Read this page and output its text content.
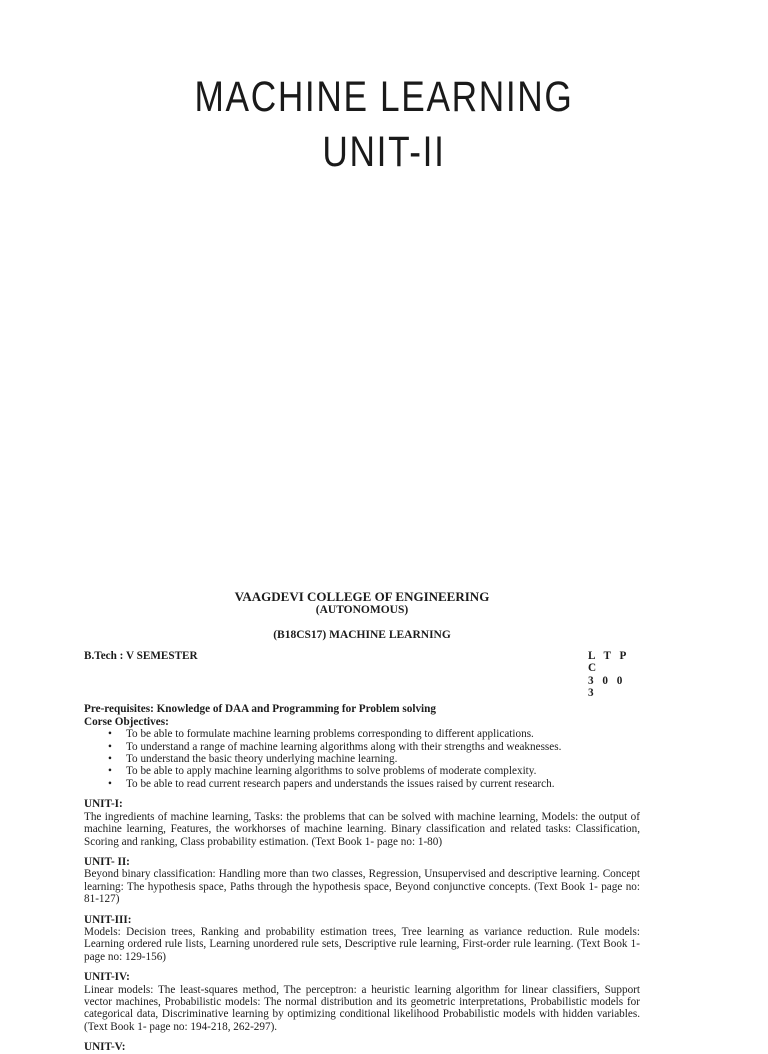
MACHINE LEARNING
UNIT-II
VAAGDEVI COLLEGE OF ENGINEERING
(AUTONOMOUS)
(B18CS17) MACHINE LEARNING
B.Tech : V SEMESTER	L T P C
3 0 0 3
Pre-requisites: Knowledge of DAA and Programming for Problem solving
Corse Objectives:
• To be able to formulate machine learning problems corresponding to different applications.
• To understand a range of machine learning algorithms along with their strengths and weaknesses.
• To understand the basic theory underlying machine learning.
• To be able to apply machine learning algorithms to solve problems of moderate complexity.
• To be able to read current research papers and understands the issues raised by current research.
UNIT-I:
The ingredients of machine learning, Tasks: the problems that can be solved with machine learning, Models: the output of machine learning, Features, the workhorses of machine learning. Binary classification and related tasks: Classification, Scoring and ranking, Class probability estimation. (Text Book 1- page no: 1-80)
UNIT- II:
Beyond binary classification: Handling more than two classes, Regression, Unsupervised and descriptive learning. Concept learning: The hypothesis space, Paths through the hypothesis space, Beyond conjunctive concepts. (Text Book 1- page no: 81-127)
UNIT-III:
Models: Decision trees, Ranking and probability estimation trees, Tree learning as variance reduction. Rule models: Learning ordered rule lists, Learning unordered rule sets, Descriptive rule learning, First-order rule learning. (Text Book 1- page no: 129-156)
UNIT-IV:
Linear models: The least-squares method, The perceptron: a heuristic learning algorithm for linear classifiers, Support vector machines, Probabilistic models: The normal distribution and its geometric interpretations, Probabilistic models for categorical data, Discriminative learning by optimizing conditional likelihood Probabilistic models with hidden variables. (Text Book 1- page no: 194-218, 262-297).
UNIT-V:
